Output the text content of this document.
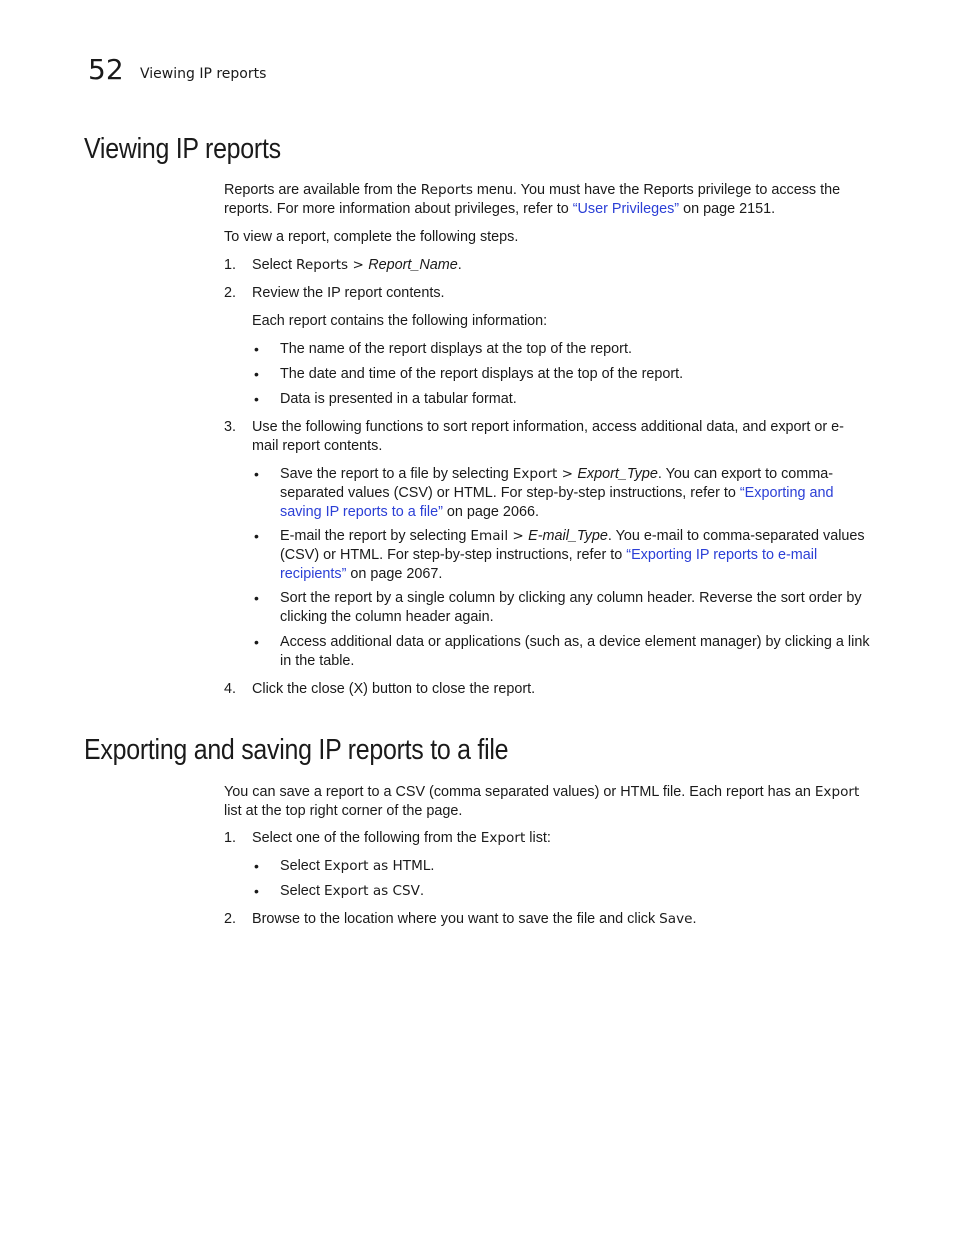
52 Viewing IP reports
Viewing IP reports

Reports are available from the Reports menu. You must have the Reports privilege to access the reports. For more information about privileges, refer to “User Privileges” on page 2151.

To view a report, complete the following steps.
1. Select Reports > Report_Name.
2. Review the IP report contents.
Each report contains the following information:
• The name of the report displays at the top of the report.
• The date and time of the report displays at the top of the report.
• Data is presented in a tabular format.
3. Use the following functions to sort report information, access additional data, and export or e-mail report contents.
• Save the report to a file by selecting Export > Export_Type. You can export to comma-separated values (CSV) or HTML. For step-by-step instructions, refer to “Exporting and saving IP reports to a file” on page 2066.
• E-mail the report by selecting Email > E-mail_Type. You e-mail to comma-separated values (CSV) or HTML. For step-by-step instructions, refer to “Exporting IP reports to e-mail recipients” on page 2067.
• Sort the report by a single column by clicking any column header. Reverse the sort order by clicking the column header again.
• Access additional data or applications (such as, a device element manager) by clicking a link in the table.
4. Click the close (X) button to close the report.
Exporting and saving IP reports to a file

You can save a report to a CSV (comma separated values) or HTML file. Each report has an Export list at the top right corner of the page.

1. Select one of the following from the Export list:
• Select Export as HTML.
• Select Export as CSV.
2. Browse to the location where you want to save the file and click Save.
